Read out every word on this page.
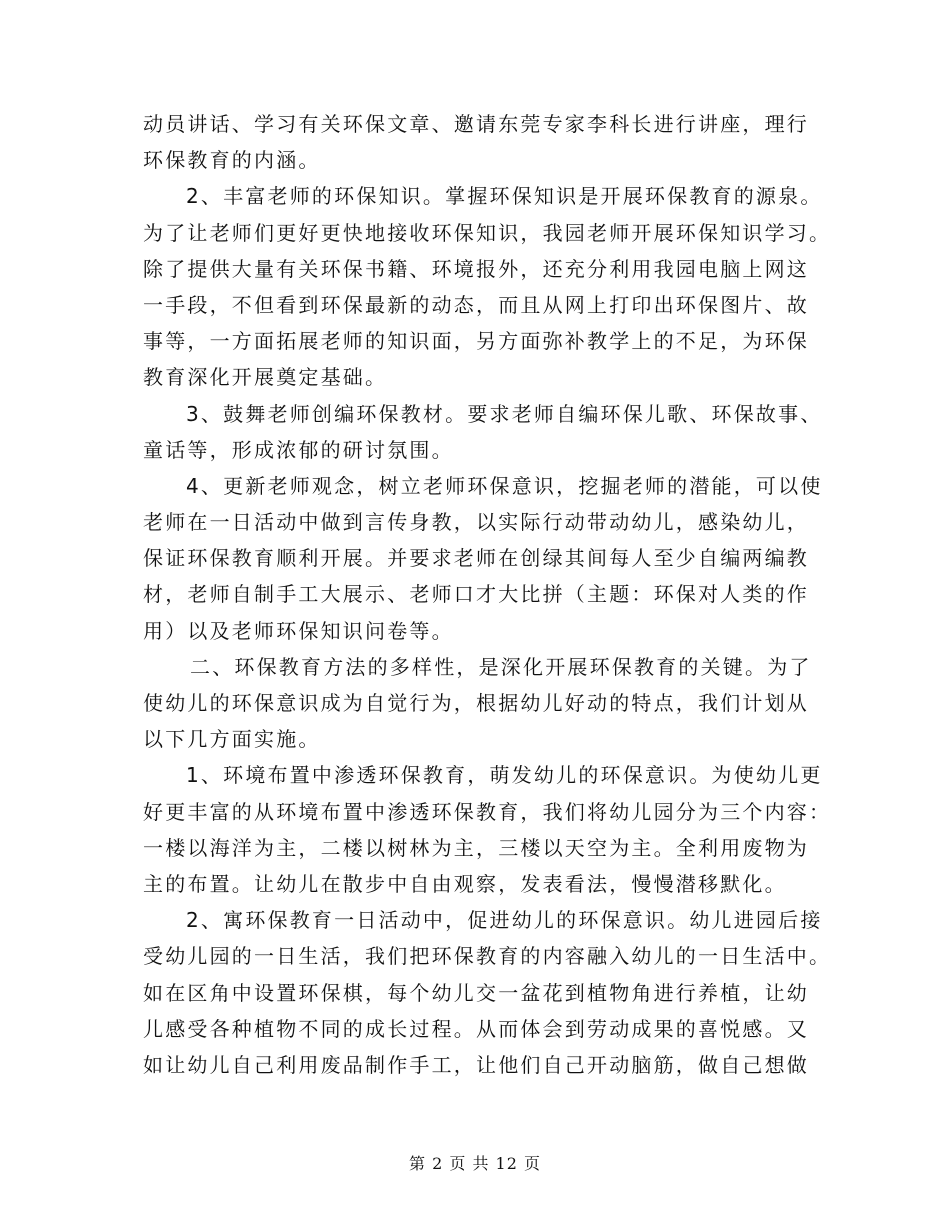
动员讲话、学习有关环保文章、邀请东莞专家李科长进行讲座，理行
环保教育的内涵。
2、丰富老师的环保知识。掌握环保知识是开展环保教育的源泉。
为了让老师们更好更快地接收环保知识，我园老师开展环保知识学习。
除了提供大量有关环保书籍、环境报外，还充分利用我园电脑上网这
一手段，不但看到环保最新的动态，而且从网上打印出环保图片、故
事等，一方面拓展老师的知识面，另方面弥补教学上的不足，为环保
教育深化开展奠定基础。
3、鼓舞老师创编环保教材。要求老师自编环保儿歌、环保故事、
童话等，形成浓郁的研讨氛围。
4、更新老师观念，树立老师环保意识，挖掘老师的潜能，可以使
老师在一日活动中做到言传身教，以实际行动带动幼儿，感染幼儿，
保证环保教育顺利开展。并要求老师在创绿其间每人至少自编两编教
材，老师自制手工大展示、老师口才大比拼（主题：环保对人类的作
用）以及老师环保知识问卷等。
二、环保教育方法的多样性，是深化开展环保教育的关键。为了
使幼儿的环保意识成为自觉行为，根据幼儿好动的特点，我们计划从
以下几方面实施。
1、环境布置中渗透环保教育，萌发幼儿的环保意识。为使幼儿更
好更丰富的从环境布置中渗透环保教育，我们将幼儿园分为三个内容：
一楼以海洋为主，二楼以树林为主，三楼以天空为主。全利用废物为
主的布置。让幼儿在散步中自由观察，发表看法，慢慢潜移默化。
2、寓环保教育一日活动中，促进幼儿的环保意识。幼儿进园后接
受幼儿园的一日生活，我们把环保教育的内容融入幼儿的一日生活中。
如在区角中设置环保棋，每个幼儿交一盆花到植物角进行养植，让幼
儿感受各种植物不同的成长过程。从而体会到劳动成果的喜悦感。又
如让幼儿自己利用废品制作手工，让他们自己开动脑筋，做自己想做
第 2 页 共 12 页
